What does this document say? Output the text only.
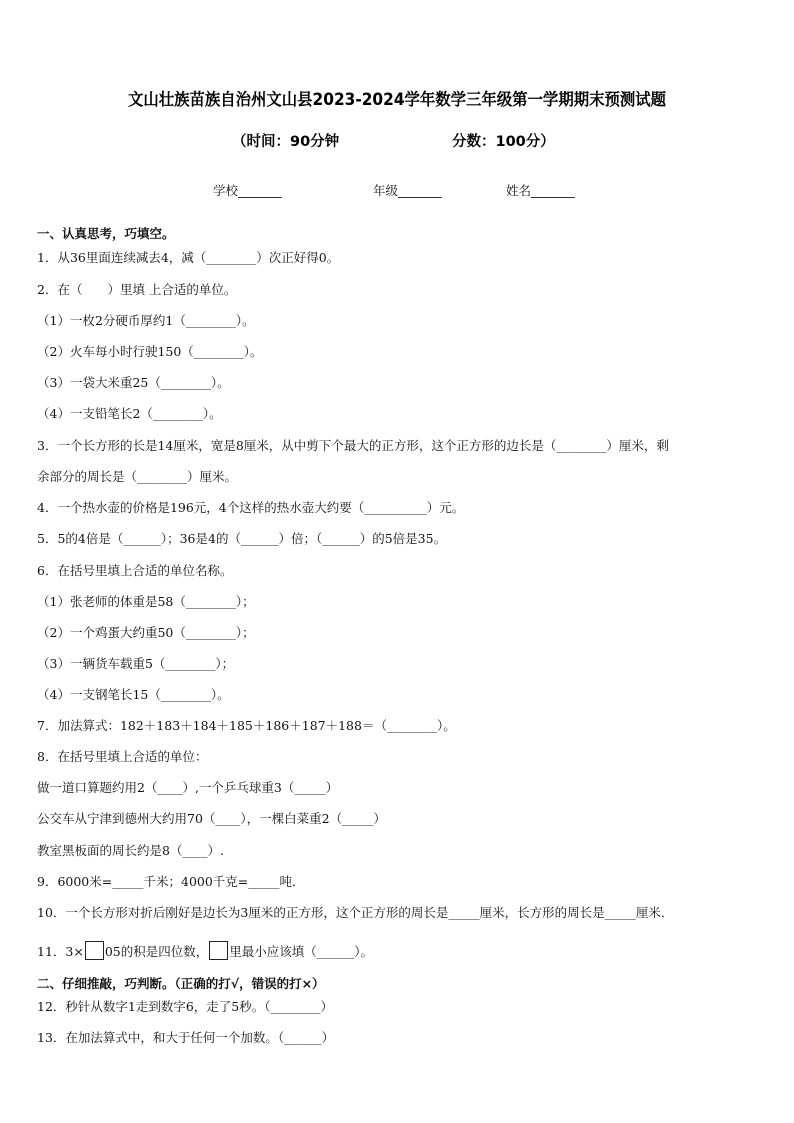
文山壮族苗族自治州文山县2023-2024学年数学三年级第一学期期末预测试题
（时间：90分钟	分数：100分）
学校_______	年级_______	姓名_______
一、认真思考，巧填空。
1．从36里面连续减去4，减（________）次正好得0。
2．在（　　）里填 上合适的单位。
（1）一枚2分硬币厚约1（________）。
（2）火车每小时行驶150（________）。
（3）一袋大米重25（________）。
（4）一支铅笔长2（________）。
3．一个长方形的长是14厘米，宽是8厘米，从中剪下个最大的正方形，这个正方形的边长是（________）厘米，剩
余部分的周长是（________）厘米。
4．一个热水壶的价格是196元，4个这样的热水壶大约要（__________）元。
5．5的4倍是（______）；36是4的（______）倍；（______）的5倍是35。
6．在括号里填上合适的单位名称。
（1）张老师的体重是58（________）；
（2）一个鸡蛋大约重50（________）；
（3）一辆货车载重5（________）；
（4）一支钢笔长15（________）。
7．加法算式：182＋183＋184＋185＋186＋187＋188＝（________）。
8．在括号里填上合适的单位：
做一道口算题约用2（____）,一个乒乓球重3（_____）
公交车从宁津到德州大约用70（____），一棵白菜重2（_____）
教室黑板面的周长约是8（____）.
9．6000米=_____千米；4000千克=_____吨．
10．一个长方形对折后刚好是边长为3厘米的正方形，这个正方形的周长是_____厘米，长方形的周长是_____厘米．
11．3× 05的积是四位数， 里最小应该填（______）。
二、仔细推敲，巧判断。（正确的打√，错误的打×）
12．秒针从数字1走到数字6，走了5秒。（________）
13．在加法算式中，和大于任何一个加数。（______）
